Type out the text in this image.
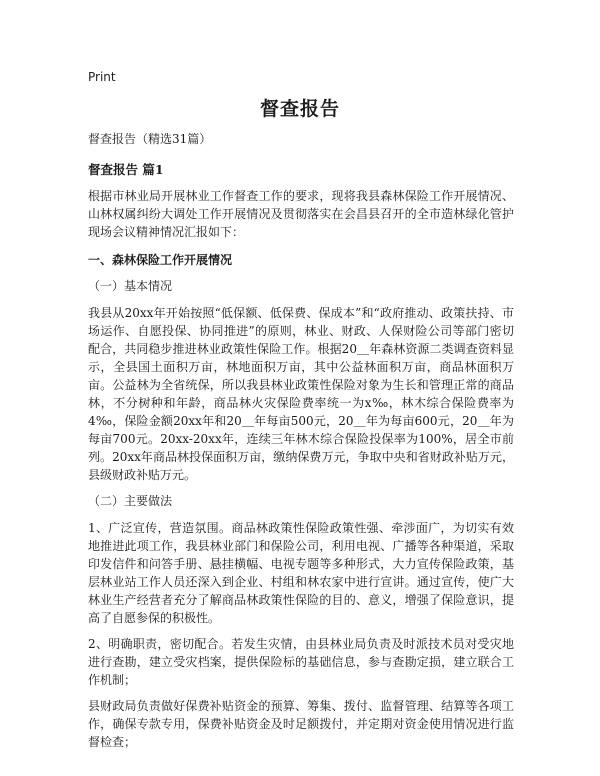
Print
督查报告

督查报告（精选31篇）

督查报告 篇1

根据市林业局开展林业工作督查工作的要求，现将我县森林保险工作开展情况、山林权属纠纷大调处工作开展情况及贯彻落实在会昌县召开的全市造林绿化管护现场会议精神情况汇报如下：

一、森林保险工作开展情况

（一）基本情况

我县从20xx年开始按照“低保额、低保费、保成本”和“政府推动、政策扶持、市场运作、自愿投保、协同推进”的原则，林业、财政、人保财险公司等部门密切配合，共同稳步推进林业政策性保险工作。根据20＿年森林资源二类调查资料显示，全县国土面积万亩，林地面积万亩，其中公益林面积万亩，商品林面积万亩。公益林为全省统保，所以我县林业政策性保险对象为生长和管理正常的商品林，不分树种和年龄，商品林火灾保险费率统一为x‰，林木综合保险费率为4‰，保险金额20xx年和20＿年每亩500元，20＿年为每亩600元，20＿年为每亩700元。20xx-20xx年，连续三年林木综合保险投保率为100%，居全市前列。20xx年商品林投保面积万亩，缴纳保费万元，争取中央和省财政补贴万元，县级财政补贴万元。

（二）主要做法

1、广泛宣传，营造氛围。商品林政策性保险政策性强、牵涉面广，为切实有效地推进此项工作，我县林业部门和保险公司，利用电视、广播等各种渠道，采取印发信件和问答手册、悬挂横幅、电视专题等多种形式，大力宣传保险政策，基层林业站工作人员还深入到企业、村组和林农家中进行宣讲。通过宣传，使广大林业生产经营者充分了解商品林政策性保险的目的、意义，增强了保险意识，提高了自愿参保的积极性。

2、明确职责，密切配合。若发生灾情，由县林业局负责及时派技术员对受灾地进行查勘，建立受灾档案，提供保险标的基础信息，参与查勘定损，建立联合工作机制；

县财政局负责做好保费补贴资金的预算、筹集、拨付、监督管理、结算等各项工作，确保专款专用，保费补贴资金及时足额拨付，并定期对资金使用情况进行监督检查；
